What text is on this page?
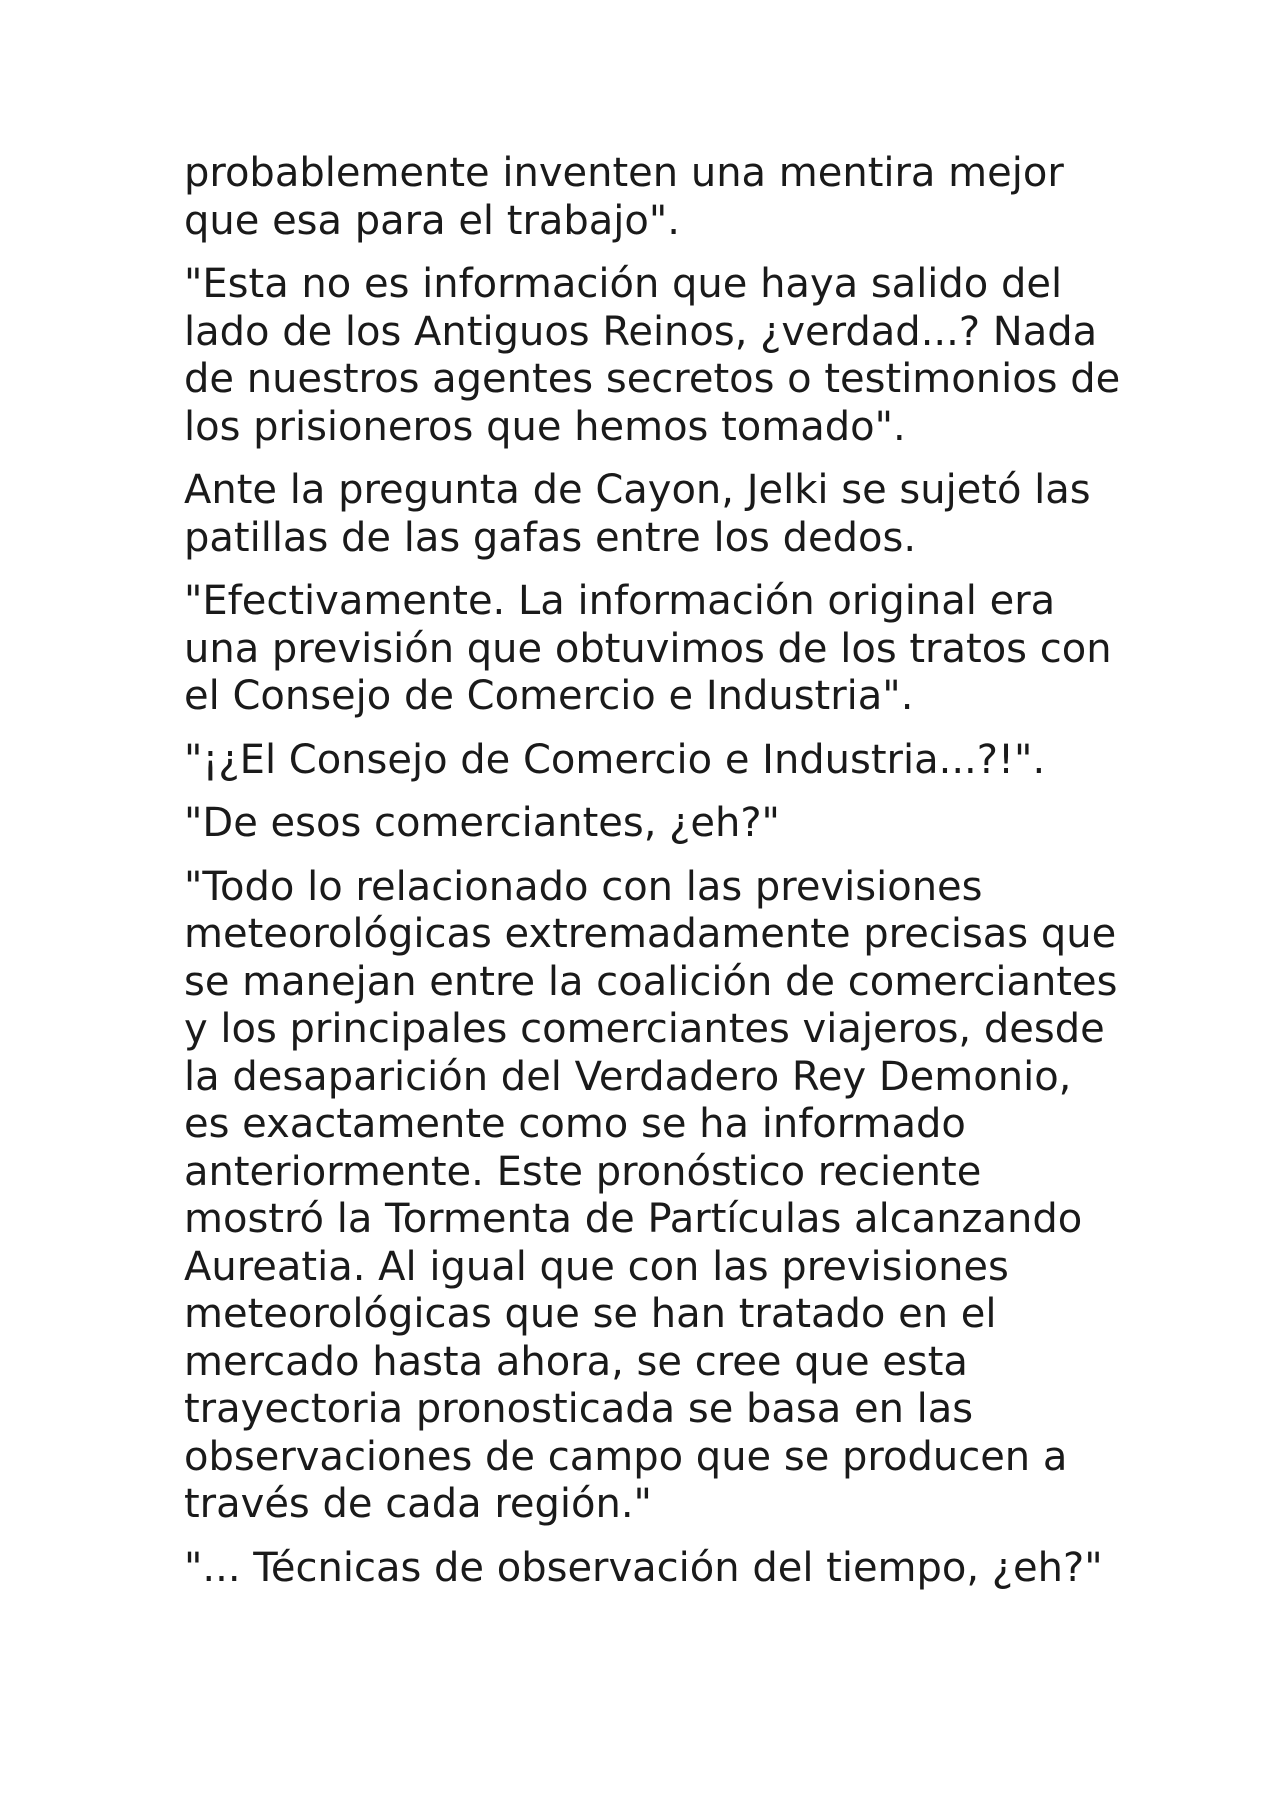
probablemente inventen una mentira mejor
que esa para el trabajo".

"Esta no es información que haya salido del
lado de los Antiguos Reinos, ¿verdad...? Nada
de nuestros agentes secretos o testimonios de
los prisioneros que hemos tomado".

Ante la pregunta de Cayon, Jelki se sujetó las
patillas de las gafas entre los dedos.

"Efectivamente. La información original era
una previsión que obtuvimos de los tratos con
el Consejo de Comercio e Industria".

"¡¿El Consejo de Comercio e Industria...?!".

"De esos comerciantes, ¿eh?"

"Todo lo relacionado con las previsiones
meteorológicas extremadamente precisas que
se manejan entre la coalición de comerciantes
y los principales comerciantes viajeros, desde
la desaparición del Verdadero Rey Demonio,
es exactamente como se ha informado
anteriormente. Este pronóstico reciente
mostró la Tormenta de Partículas alcanzando
Aureatia. Al igual que con las previsiones
meteorológicas que se han tratado en el
mercado hasta ahora, se cree que esta
trayectoria pronosticada se basa en las
observaciones de campo que se producen a
través de cada región."

"... Técnicas de observación del tiempo, ¿eh?"
